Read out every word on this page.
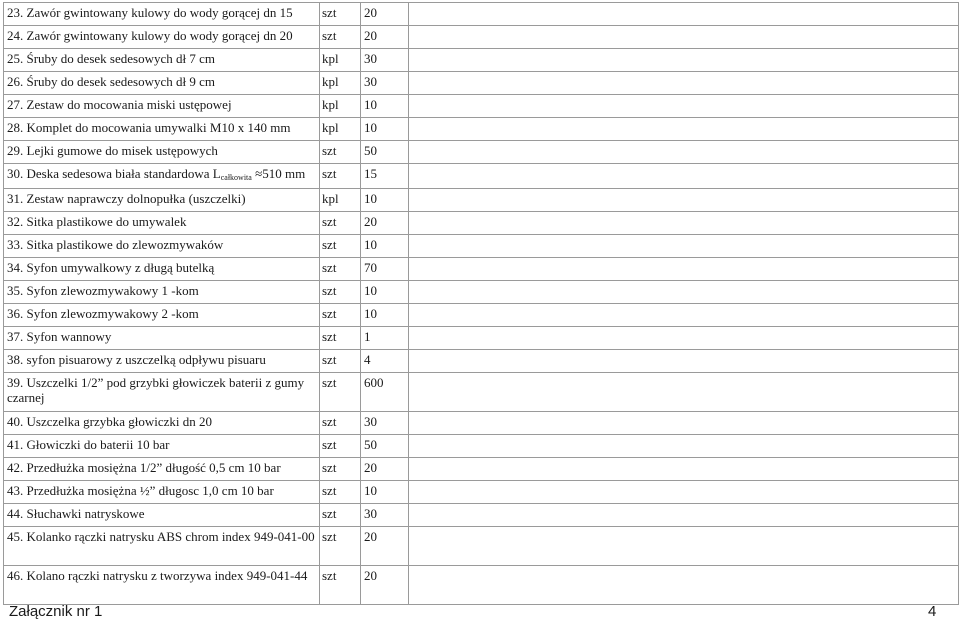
23. Zawór gwintowany kulowy do wody gorącej dn 15	szt	20	
24. Zawór gwintowany kulowy do wody gorącej dn 20	szt	20	
25. Śruby do desek sedesowych dł 7 cm	kpl	30	
26. Śruby do desek sedesowych dł 9 cm	kpl	30	
27. Zestaw do mocowania miski ustępowej	kpl	10	
28. Komplet do mocowania umywalki M10 x 140 mm	kpl	10	
29. Lejki gumowe do misek ustępowych	szt	50	
30. Deska sedesowa biała standardowa $L_{całkowita} \approx 510$ mm	szt	15	
31. Zestaw naprawczy dolnopułka (uszczelki)	kpl	10	
32. Sitka plastikowe do umywalek	szt	20	
33. Sitka plastikowe do zlewozmywaków	szt	10	
34. Syfon umywalkowy z długą butelką	szt	70	
35. Syfon zlewozmywakowy 1 -kom	szt	10	
36. Syfon zlewozmywakowy 2 -kom	szt	10	
37. Syfon wannowy	szt	1	
38. syfon pisuarowy z uszczelką odpływu pisuaru	szt	4	
39. Uszczelki 1/2” pod grzybki głowiczek baterii z gumy czarnej	szt	600	
40. Uszczelka grzybka głowiczki dn 20	szt	30	
41. Głowiczki do baterii 10 bar	szt	50	
42. Przedłużka mosiężna 1/2” długość 0,5 cm 10 bar	szt	20	
43. Przedłużka mosiężna ½” długosc 1,0 cm 10 bar	szt	10	
44. Słuchawki natryskowe	szt	30	
45. Kolanko rączki natrysku ABS chrom index 949-041-00	szt	20	
46. Kolano rączki natrysku z tworzywa index 949-041-44	szt	20	
Załącznik nr 1	4
